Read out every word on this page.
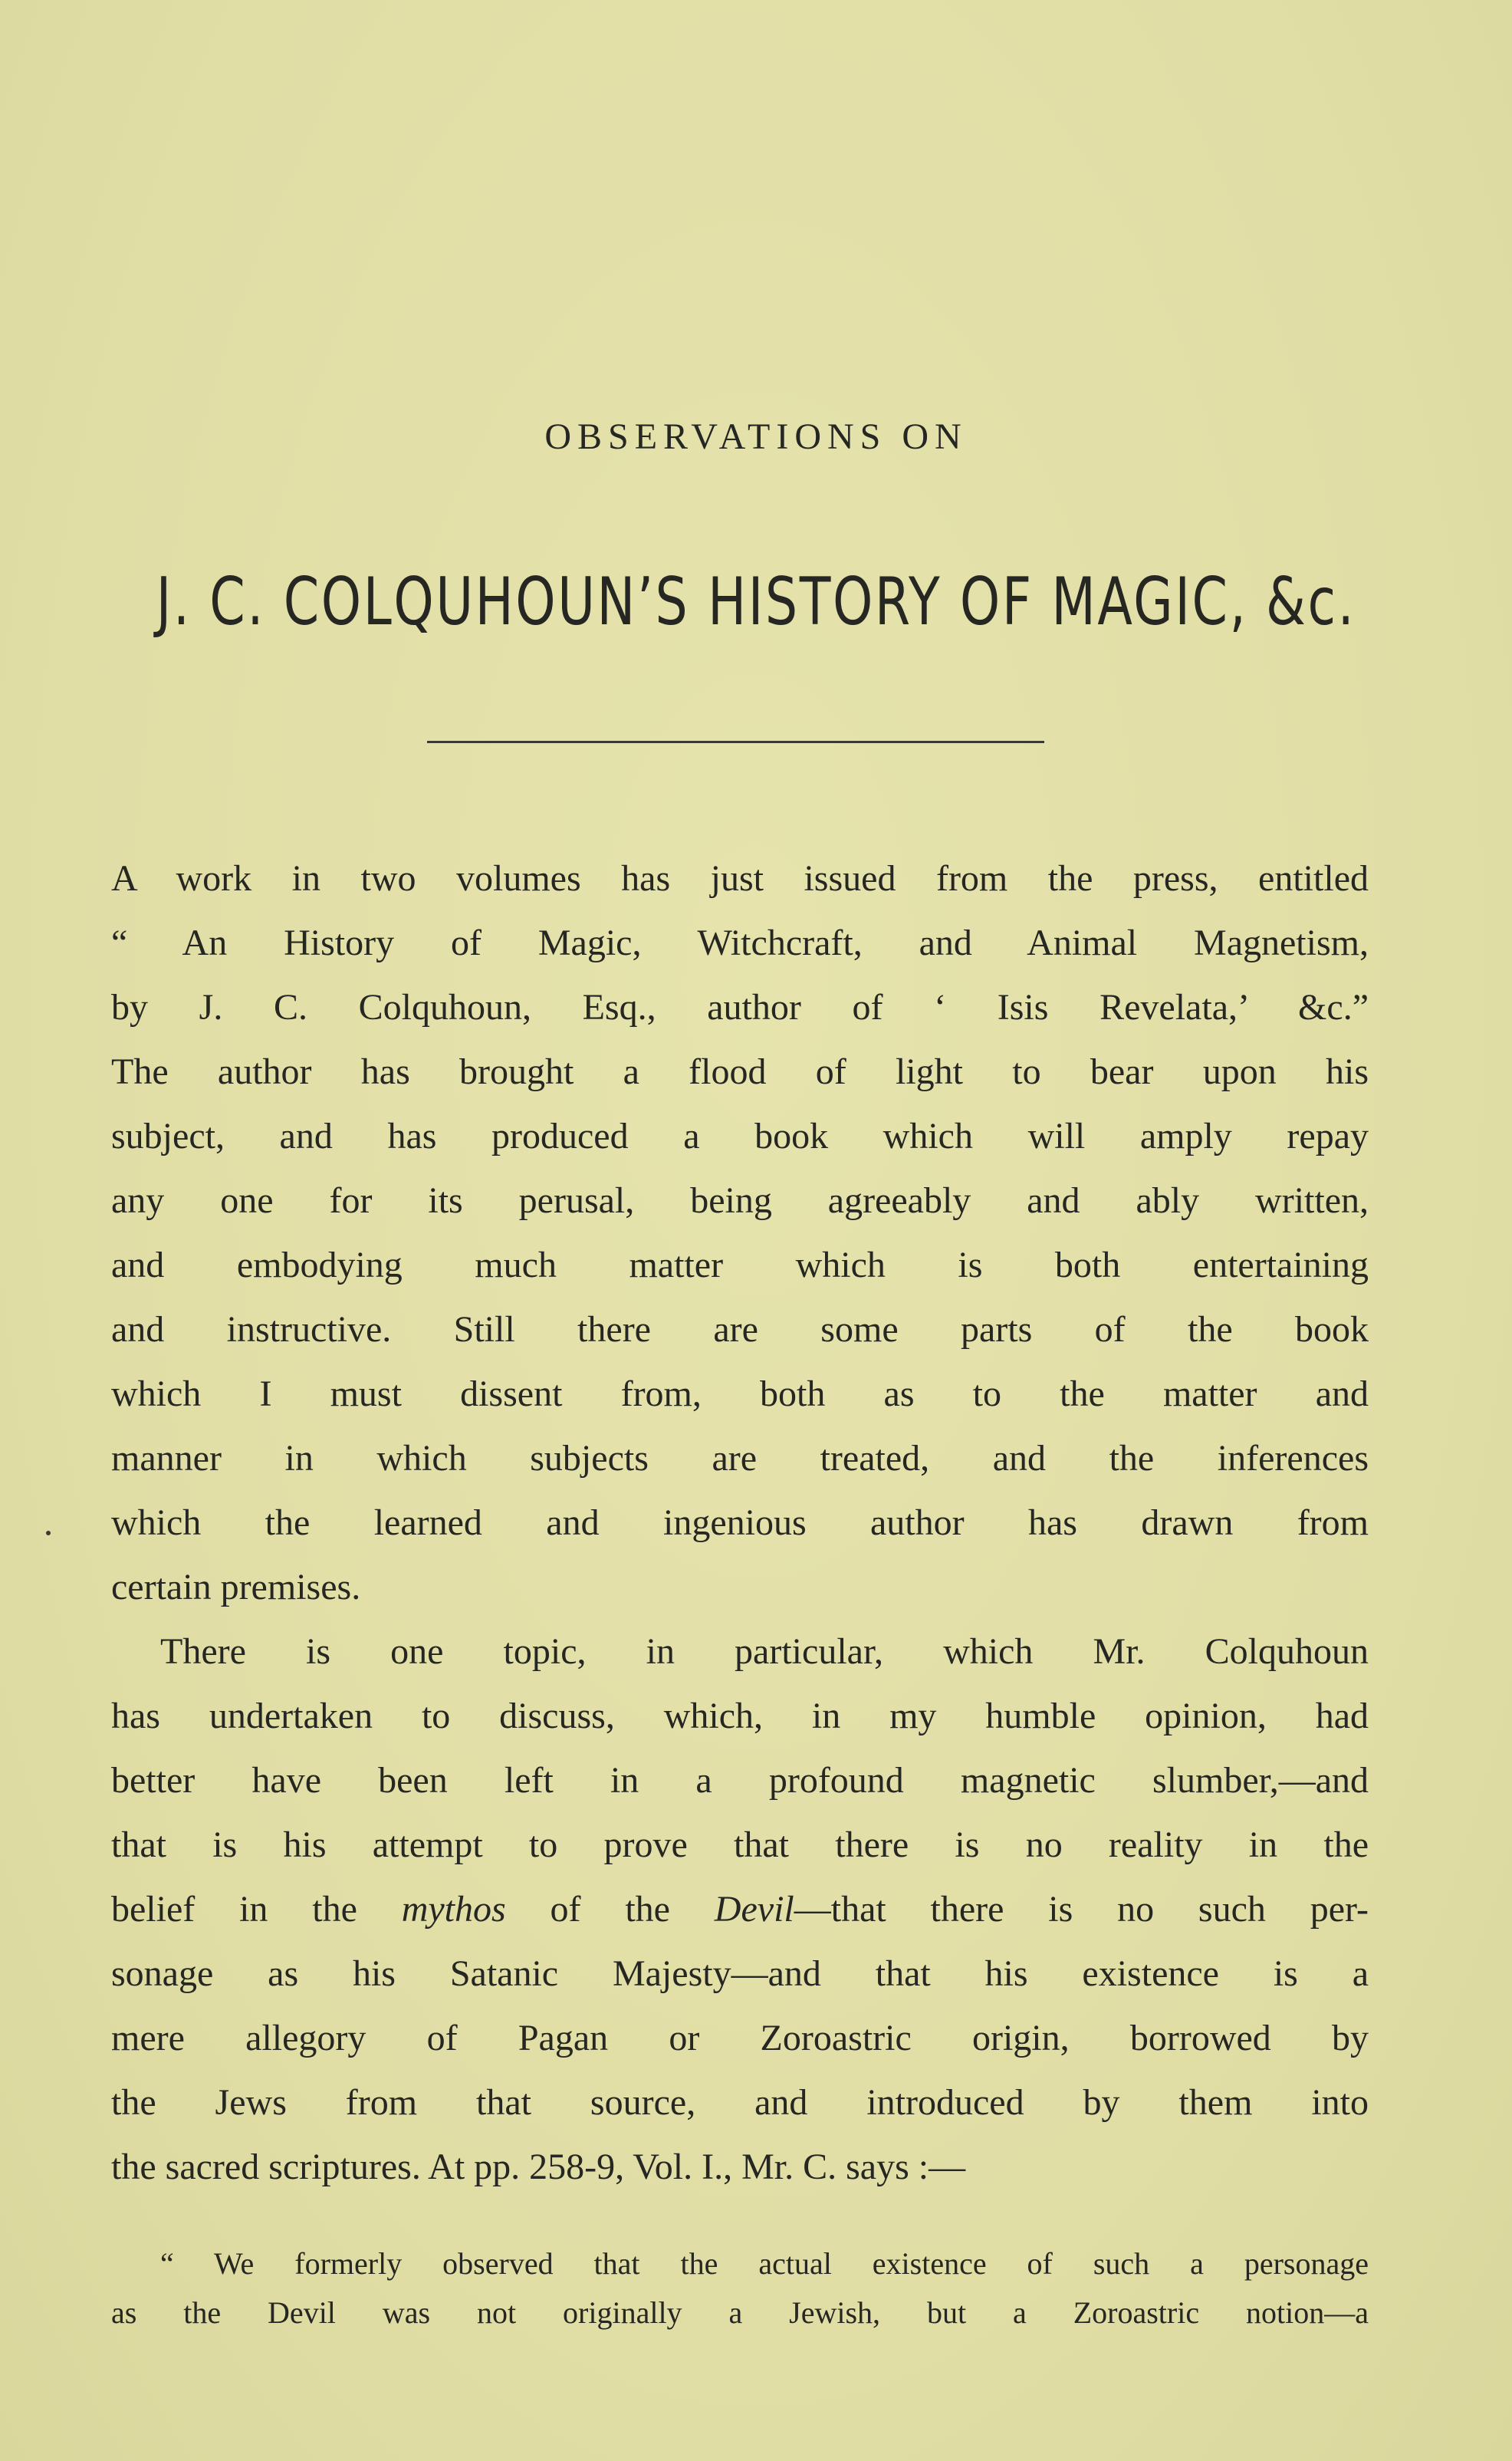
OBSERVATIONS ON
J. C. COLQUHOUN’S HISTORY OF MAGIC, &c.
A work in two volumes has just issued from the press, entitled
“ An History of Magic, Witchcraft, and Animal Magnetism,
by J. C. Colquhoun, Esq., author of ‘ Isis Revelata,’ &c.”
The author has brought a flood of light to bear upon his
subject, and has produced a book which will amply repay
any one for its perusal, being agreeably and ably written,
and embodying much matter which is both entertaining
and instructive. Still there are some parts of the book
which I must dissent from, both as to the matter and
manner in which subjects are treated, and the inferences
which the learned and ingenious author has drawn from
certain premises.
There is one topic, in particular, which Mr. Colquhoun
has undertaken to discuss, which, in my humble opinion, had
better have been left in a profound magnetic slumber,—and
that is his attempt to prove that there is no reality in the
belief in the mythos of the Devil—that there is no such per-
sonage as his Satanic Majesty—and that his existence is a
mere allegory of Pagan or Zoroastric origin, borrowed by
the Jews from that source, and introduced by them into
the sacred scriptures. At pp. 258-9, Vol. I., Mr. C. says :—
“ We formerly observed that the actual existence of such a personage
as the Devil was not originally a Jewish, but a Zoroastric notion—a
